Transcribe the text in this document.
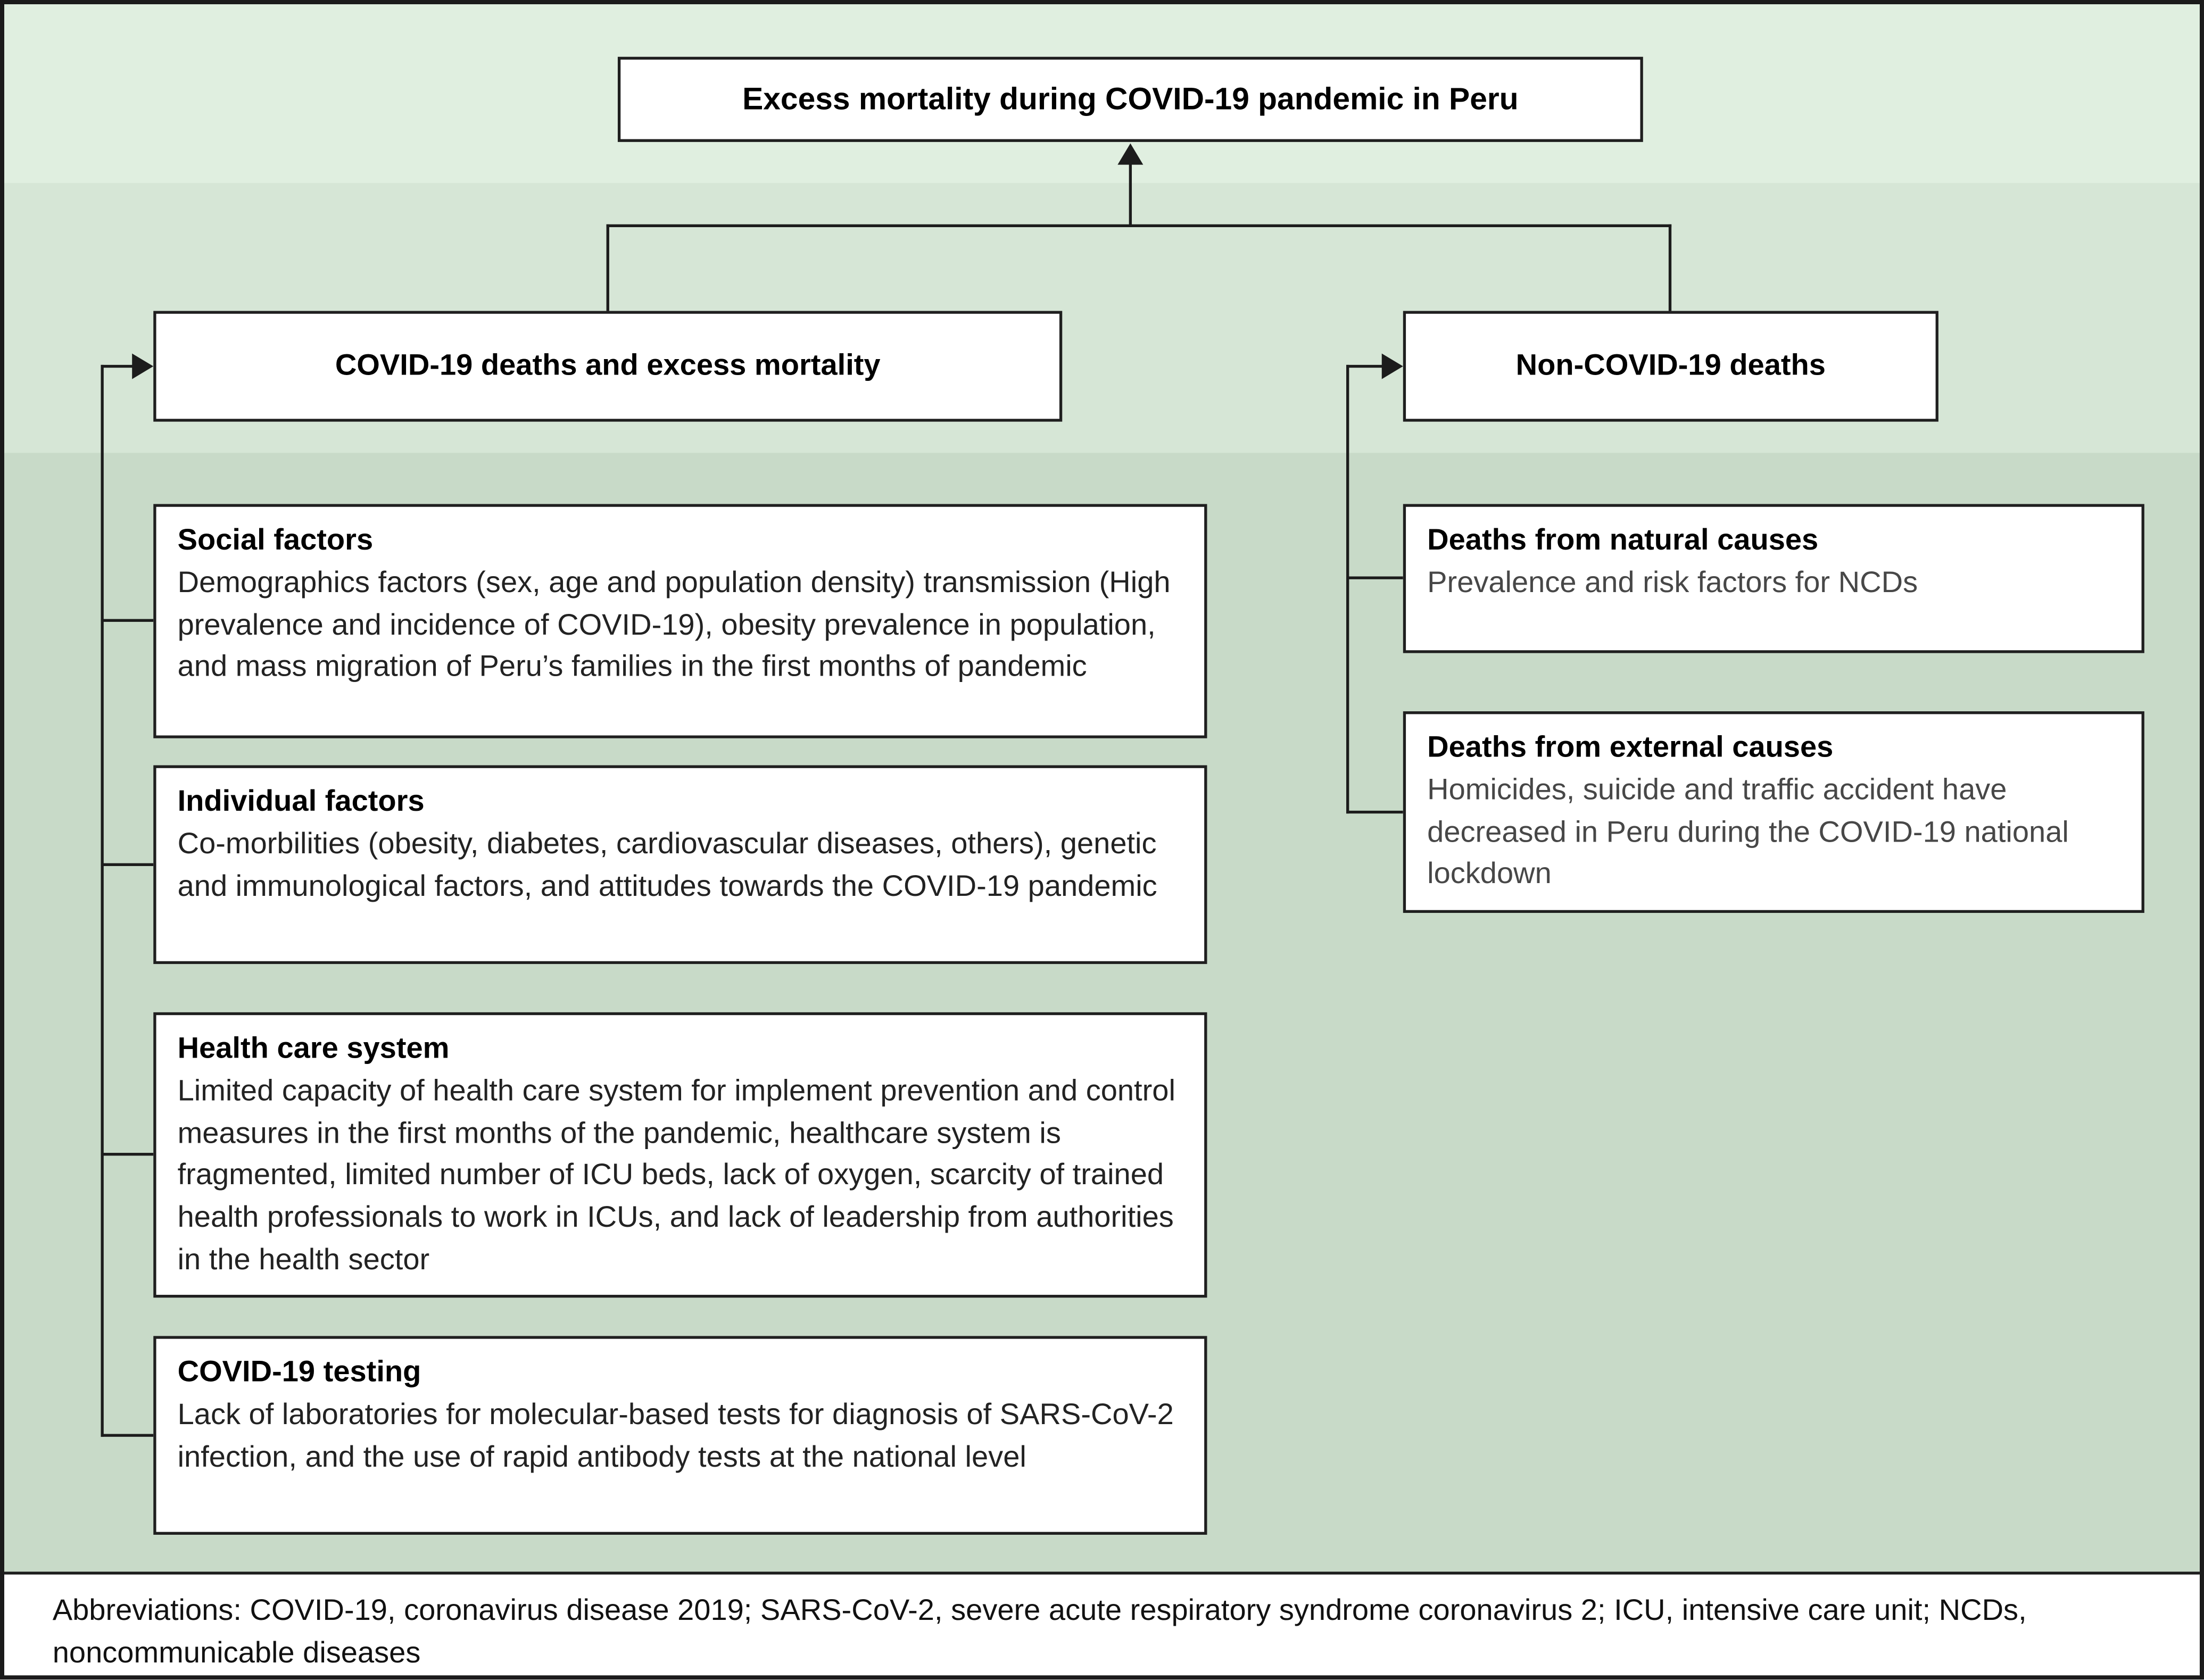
Excess mortality during COVID-19 pandemic in Peru
COVID-19 deaths and excess mortality	Non-COVID-19 deaths
Social factors
Demographics factors (sex, age and population density) transmission (High prevalence and incidence of COVID-19), obesity prevalence in population, and mass migration of Peru’s families in the first months of pandemic
Individual factors
Co-morbilities (obesity, diabetes, cardiovascular diseases, others), genetic and immunological factors, and attitudes towards the COVID-19 pandemic
Health care system
Limited capacity of health care system for implement prevention and control measures in the first months of the pandemic, healthcare system is fragmented, limited number of ICU beds, lack of oxygen, scarcity of trained health professionals to work in ICUs, and lack of leadership from authorities in the health sector
COVID-19 testing
Lack of laboratories for molecular-based tests for diagnosis of SARS-CoV-2 infection, and the use of rapid antibody tests at the national level
Deaths from natural causes
Prevalence and risk factors for NCDs
Deaths from external causes
Homicides, suicide and traffic accident have decreased in Peru during the COVID-19 national lockdown
Abbreviations: COVID-19, coronavirus disease 2019; SARS-CoV-2, severe acute respiratory syndrome coronavirus 2; ICU, intensive care unit; NCDs, noncommunicable diseases
